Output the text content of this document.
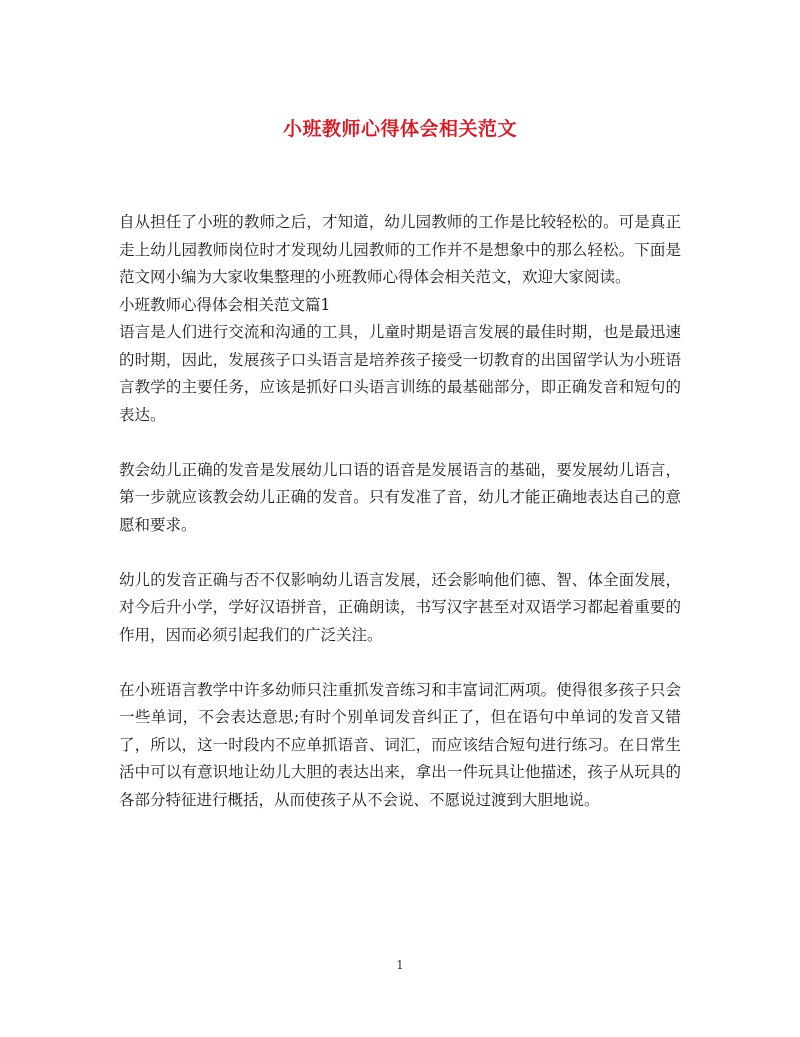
小班教师心得体会相关范文

自从担任了小班的教师之后，才知道，幼儿园教师的工作是比较轻松的。可是真正走上幼儿园教师岗位时才发现幼儿园教师的工作并不是想象中的那么轻松。下面是范文网小编为大家收集整理的小班教师心得体会相关范文，欢迎大家阅读。

小班教师心得体会相关范文篇1

语言是人们进行交流和沟通的工具，儿童时期是语言发展的最佳时期，也是最迅速的时期，因此，发展孩子口头语言是培养孩子接受一切教育的出国留学认为小班语言教学的主要任务，应该是抓好口头语言训练的最基础部分，即正确发音和短句的表达。

教会幼儿正确的发音是发展幼儿口语的语音是发展语言的基础，要发展幼儿语言，第一步就应该教会幼儿正确的发音。只有发准了音，幼儿才能正确地表达自己的意愿和要求。

幼儿的发音正确与否不仅影响幼儿语言发展，还会影响他们德、智、体全面发展，对今后升小学，学好汉语拼音，正确朗读，书写汉字甚至对双语学习都起着重要的作用，因而必须引起我们的广泛关注。

在小班语言教学中许多幼师只注重抓发音练习和丰富词汇两项。使得很多孩子只会一些单词，不会表达意思;有时个别单词发音纠正了，但在语句中单词的发音又错了，所以，这一时段内不应单抓语音、词汇，而应该结合短句进行练习。在日常生活中可以有意识地让幼儿大胆的表达出来，拿出一件玩具让他描述，孩子从玩具的各部分特征进行概括，从而使孩子从不会说、不愿说过渡到大胆地说。

1
